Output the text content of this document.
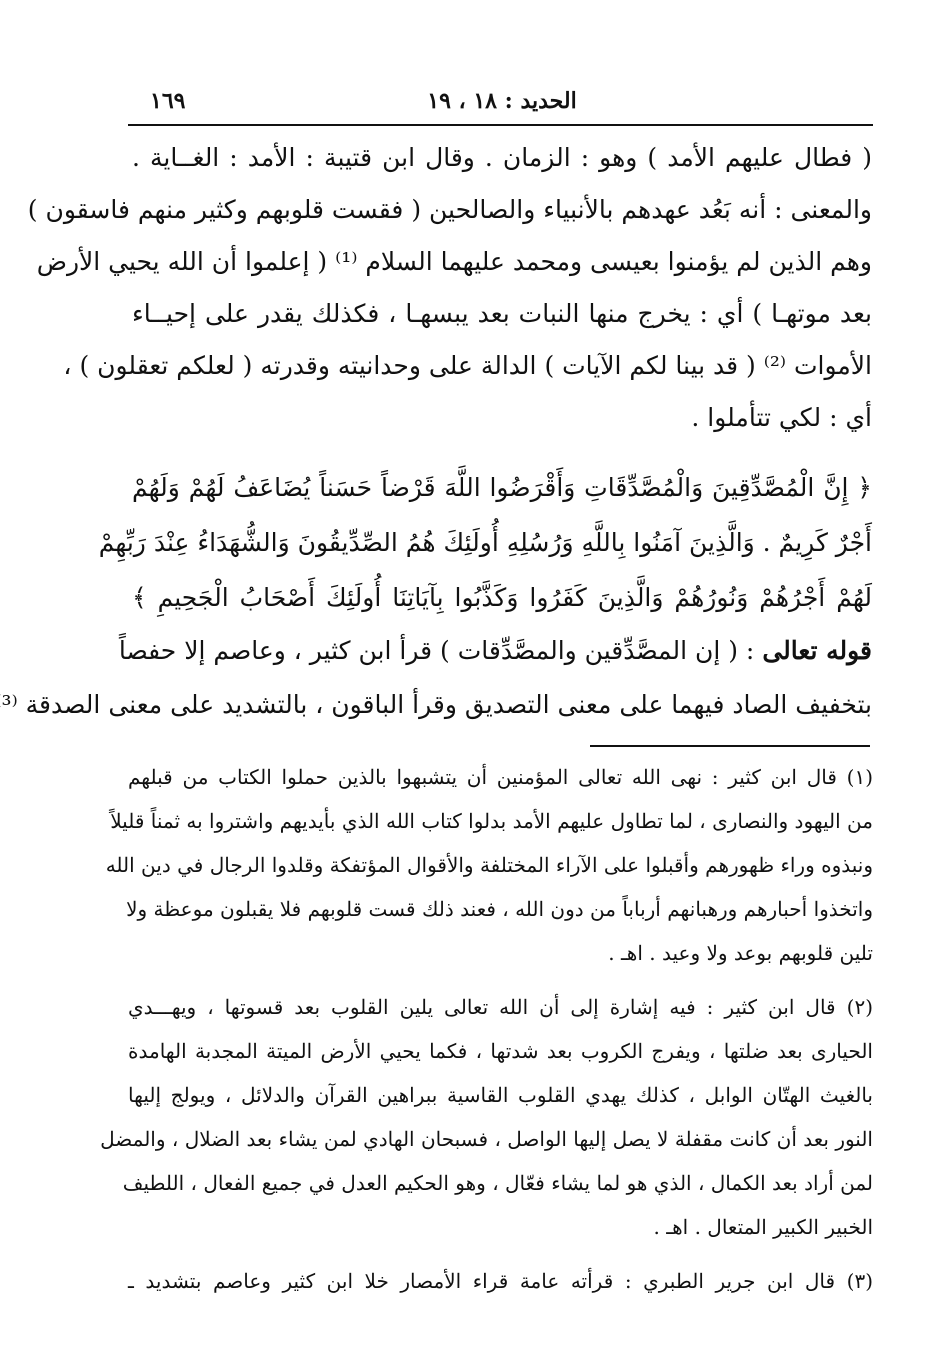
١٦٩	الحديد : ١٨ ، ١٩
( فطال عليهم الأمد ) وهو : الزمان . وقال ابن قتيبة : الأمد : الغــاية .
والمعنى : أنه بَعُد عهدهم بالأنبياء والصالحين ( فقست قلوبهم وكثير منهم فاسقون )
وهم الذين لم يؤمنوا بعيسى ومحمد عليهما السلام ⁽¹⁾ ( إعلموا أن الله يحيي الأرض
بعد موتهـا ) أي : يخرج منها النبات بعد يبسهـا ، فكذلك يقدر على إحيــاء
الأموات ⁽²⁾ ( قد بينا لكم الآيات ) الدالة على وحدانيته وقدرته ( لعلكم تعقلون ) ،
أي : لكي تتأملوا .
﴿ إِنَّ الْمُصَّدِّقِينَ وَالْمُصَّدِّقَاتِ وَأَقْرَضُوا اللَّهَ قَرْضاً حَسَناً يُضَاعَفُ لَهُمْ وَلَهُمْ
أَجْرٌ كَرِيمٌ . وَالَّذِينَ آمَنُوا بِاللَّهِ وَرُسُلِهِ أُولَئِكَ هُمُ الصِّدِّيقُونَ وَالشُّهَدَاءُ عِنْدَ رَبِّهِمْ
لَهُمْ أَجْرُهُمْ وَنُورُهُمْ وَالَّذِينَ كَفَرُوا وَكَذَّبُوا بِآيَاتِنَا أُولَئِكَ أَصْحَابُ الْجَحِيمِ ﴾
قوله تعالى : ( إن المصَّدِّقين والمصَّدِّقات ) قرأ ابن كثير ، وعاصم إلا حفصاً
بتخفيف الصاد فيهما على معنى التصديق وقرأ الباقون ، بالتشديد على معنى الصدقة ⁽³
(١) قال ابن كثير : نهى الله تعالى المؤمنين أن يتشبهوا بالذين حملوا الكتاب من قبلهم
من اليهود والنصارى ، لما تطاول عليهم الأمد بدلوا كتاب الله الذي بأيديهم واشتروا به ثمناً قليلاً
ونبذوه وراء ظهورهم وأقبلوا على الآراء المختلفة والأقوال المؤتفكة وقلدوا الرجال في دين الله
واتخذوا أحبارهم ورهبانهم أرباباً من دون الله ، فعند ذلك قست قلوبهم فلا يقبلون موعظة ولا
تلين قلوبهم بوعد ولا وعيد . اهـ .
(٢) قال ابن كثير : فيه إشارة إلى أن الله تعالى يلين القلوب بعد قسوتها ، ويهـــدي
الحيارى بعد ضلتها ، ويفرج الكروب بعد شدتها ، فكما يحيي الأرض الميتة المجدبة الهامدة
بالغيث الهتّان الوابل ، كذلك يهدي القلوب القاسية ببراهين القرآن والدلائل ، ويولج إليها
النور بعد أن كانت مقفلة لا يصل إليها الواصل ، فسبحان الهادي لمن يشاء بعد الضلال ، والمضل
لمن أراد بعد الكمال ، الذي هو لما يشاء فعّال ، وهو الحكيم العدل في جميع الفعال ، اللطيف
الخبير الكبير المتعال . اهـ .
(٣) قال ابن جرير الطبري : قرأته عامة قراء الأمصار خلا ابن كثير وعاصم بتشديد ـ
